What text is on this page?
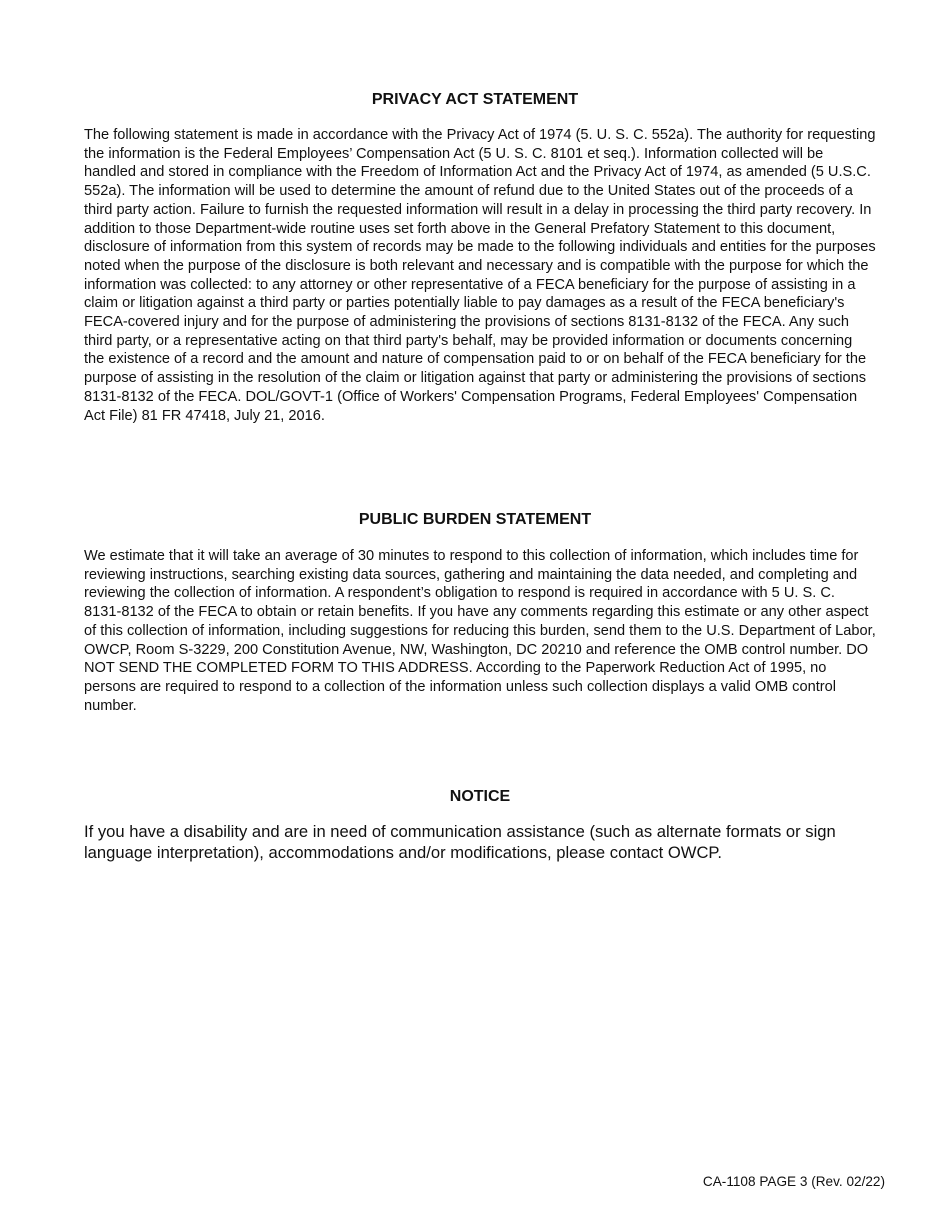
PRIVACY ACT STATEMENT
The following statement is made in accordance with the Privacy Act of 1974 (5. U. S. C. 552a). The authority for requesting the information is the Federal Employees’ Compensation Act (5 U. S. C. 8101 et seq.). Information collected will be handled and stored in compliance with the Freedom of Information Act and the Privacy Act of 1974, as amended (5 U.S.C. 552a). The information will be used to determine the amount of refund due to the United States out of the proceeds of a third party action. Failure to furnish the requested information will result in a delay in processing the third party recovery. In addition to those Department-wide routine uses set forth above in the General Prefatory Statement to this document, disclosure of information from this system of records may be made to the following individuals and entities for the purposes noted when the purpose of the disclosure is both relevant and necessary and is compatible with the purpose for which the information was collected: to any attorney or other representative of a FECA beneficiary for the purpose of assisting in a claim or litigation against a third party or parties potentially liable to pay damages as a result of the FECA beneficiary's FECA-covered injury and for the purpose of administering the provisions of sections 8131-8132 of the FECA. Any such third party, or a representative acting on that third party's behalf, may be provided information or documents concerning the existence of a record and the amount and nature of compensation paid to or on behalf of the FECA beneficiary for the purpose of assisting in the resolution of the claim or litigation against that party or administering the provisions of sections 8131-8132 of the FECA. DOL/GOVT-1 (Office of Workers' Compensation Programs, Federal Employees' Compensation Act File) 81 FR 47418, July 21, 2016.
PUBLIC BURDEN STATEMENT
We estimate that it will take an average of 30 minutes to respond to this collection of information, which includes time for reviewing instructions, searching existing data sources, gathering and maintaining the data needed, and completing and reviewing the collection of information. A respondent’s obligation to respond is required in accordance with 5 U. S. C. 8131-8132 of the FECA to obtain or retain benefits. If you have any comments regarding this estimate or any other aspect of this collection of information, including suggestions for reducing this burden, send them to the U.S. Department of Labor, OWCP, Room S-3229, 200 Constitution Avenue, NW, Washington, DC 20210 and reference the OMB control number. DO NOT SEND THE COMPLETED FORM TO THIS ADDRESS. According to the Paperwork Reduction Act of 1995, no persons are required to respond to a collection of the information unless such collection displays a valid OMB control number.
NOTICE
If you have a disability and are in need of communication assistance (such as alternate formats or sign language interpretation), accommodations and/or modifications, please contact OWCP.
CA-1108 PAGE 3 (Rev. 02/22)
